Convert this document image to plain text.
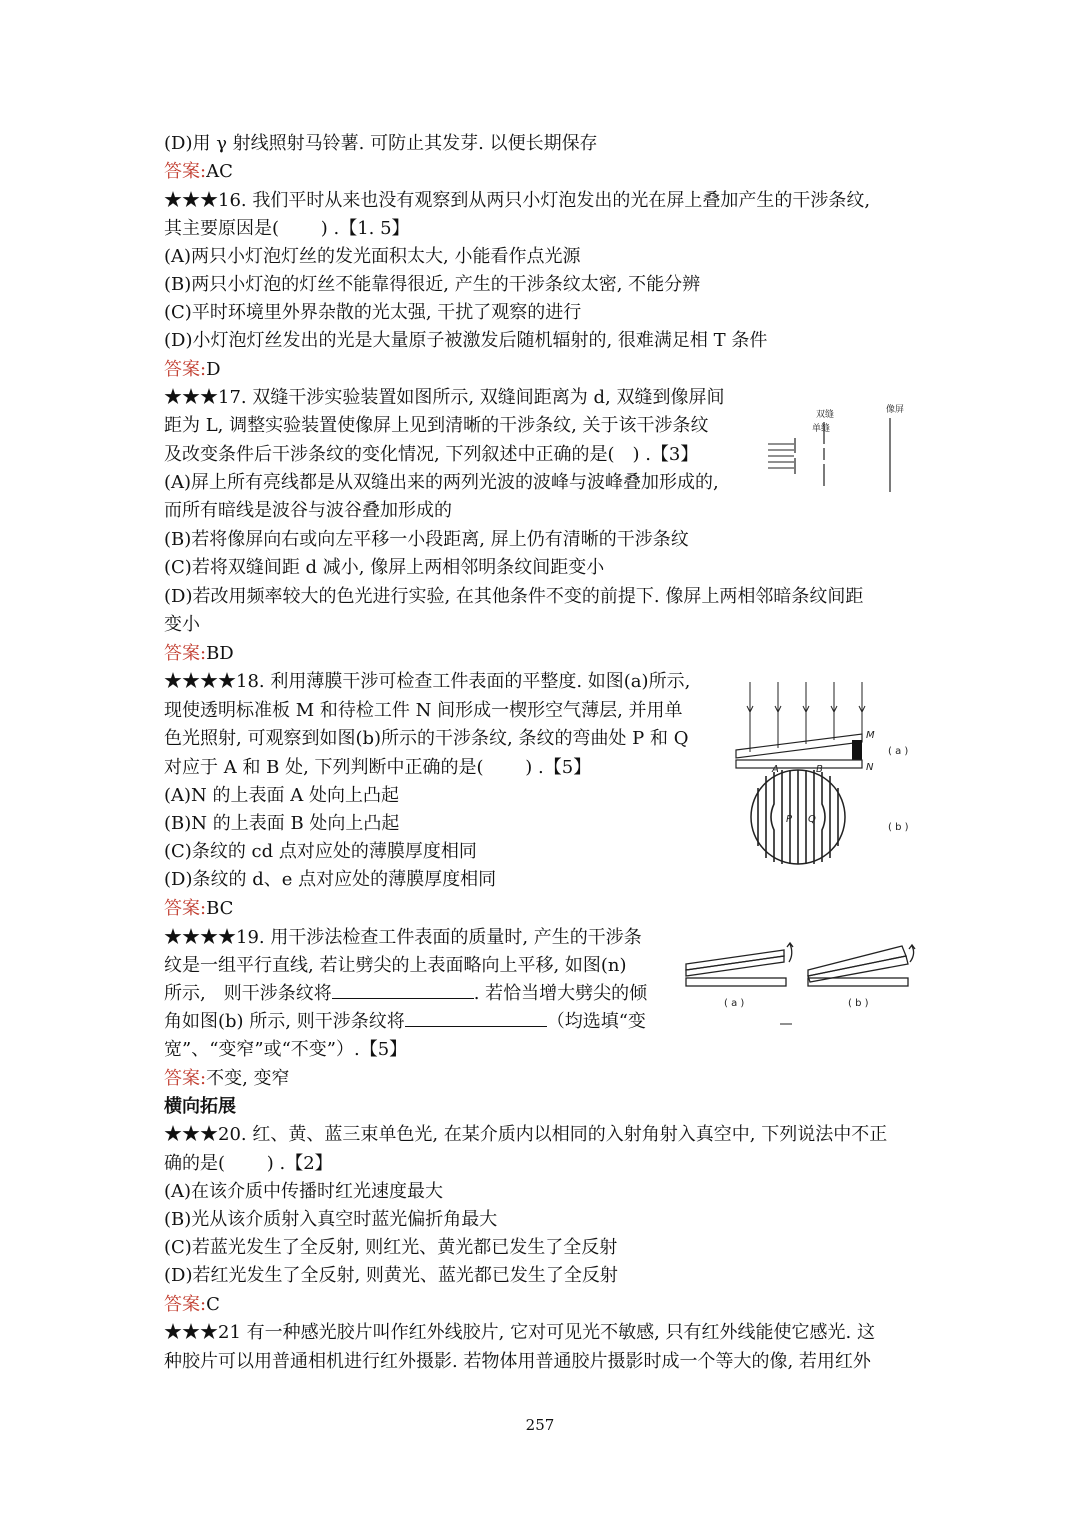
(D)用 γ 射线照射马铃薯. 可防止其发芽. 以便长期保存
答案:AC
★★★16. 我们平时从来也没有观察到从两只小灯泡发出的光在屏上叠加产生的干涉条纹,
其主要原因是(　　 ) .【1. 5】
(A)两只小灯泡灯丝的发光面积太大, 小能看作点光源
(B)两只小灯泡的灯丝不能靠得很近, 产生的干涉条纹太密, 不能分辨
(C)平时环境里外界杂散的光太强, 干扰了观察的进行
(D)小灯泡灯丝发出的光是大量原子被激发后随机辐射的, 很难满足相 T 条件
答案:D
★★★17. 双缝干涉实验装置如图所示, 双缝间距离为 d, 双缝到像屏间
距为 L, 调整实验装置使像屏上见到清晰的干涉条纹, 关于该干涉条纹
及改变条件后干涉条纹的变化情况, 下列叙述中正确的是(　) .【3】
(A)屏上所有亮线都是从双缝出来的两列光波的波峰与波峰叠加形成的,
而所有暗线是波谷与波谷叠加形成的
(B)若将像屏向右或向左平移一小段距离, 屏上仍有清晰的干涉条纹
(C)若将双缝间距 d 减小, 像屏上两相邻明条纹间距变小
(D)若改用频率较大的色光进行实验, 在其他条件不变的前提下. 像屏上两相邻暗条纹间距
变小
答案:BD
★★★★18. 利用薄膜干涉可检查工件表面的平整度. 如图(a)所示,
现使透明标准板 M 和待检工件 N 间形成一楔形空气薄层, 并用单
色光照射, 可观察到如图(b)所示的干涉条纹, 条纹的弯曲处 P 和 Q
对应于 A 和 B 处, 下列判断中正确的是(　　 ) .【5】
(A)N 的上表面 A 处向上凸起
(B)N 的上表面 B 处向上凸起
(C)条纹的 cd 点对应处的薄膜厚度相同
(D)条纹的 d、e 点对应处的薄膜厚度相同
答案:BC
★★★★19. 用干涉法检查工件表面的质量时, 产生的干涉条
纹是一组平行直线, 若让劈尖的上表面略向上平移, 如图(n)
所示,　则干涉条纹将	. 若恰当增大劈尖的倾
角如图(b) 所示, 则干涉条纹将	（均选填“变
宽”、“变窄”或“不变”）.【5】
答案:不变, 变窄
横向拓展
★★★20. 红、黄、蓝三束单色光, 在某介质内以相同的入射角射入真空中, 下列说法中不正
确的是(　　 ) .【2】
(A)在该介质中传播时红光速度最大
(B)光从该介质射入真空时蓝光偏折角最大
(C)若蓝光发生了全反射, 则红光、黄光都已发生了全反射
(D)若红光发生了全反射, 则黄光、蓝光都已发生了全反射
答案:C
★★★21 有一种感光胶片叫作红外线胶片, 它对可见光不敏感, 只有红外线能使它感光. 这
种胶片可以用普通相机进行红外摄影. 若物体用普通胶片摄影时成一个等大的像, 若用红外
单缝
双缝	像屏
M
N
( a )
A	B
P Q
( b )
( a )	( b )
257
